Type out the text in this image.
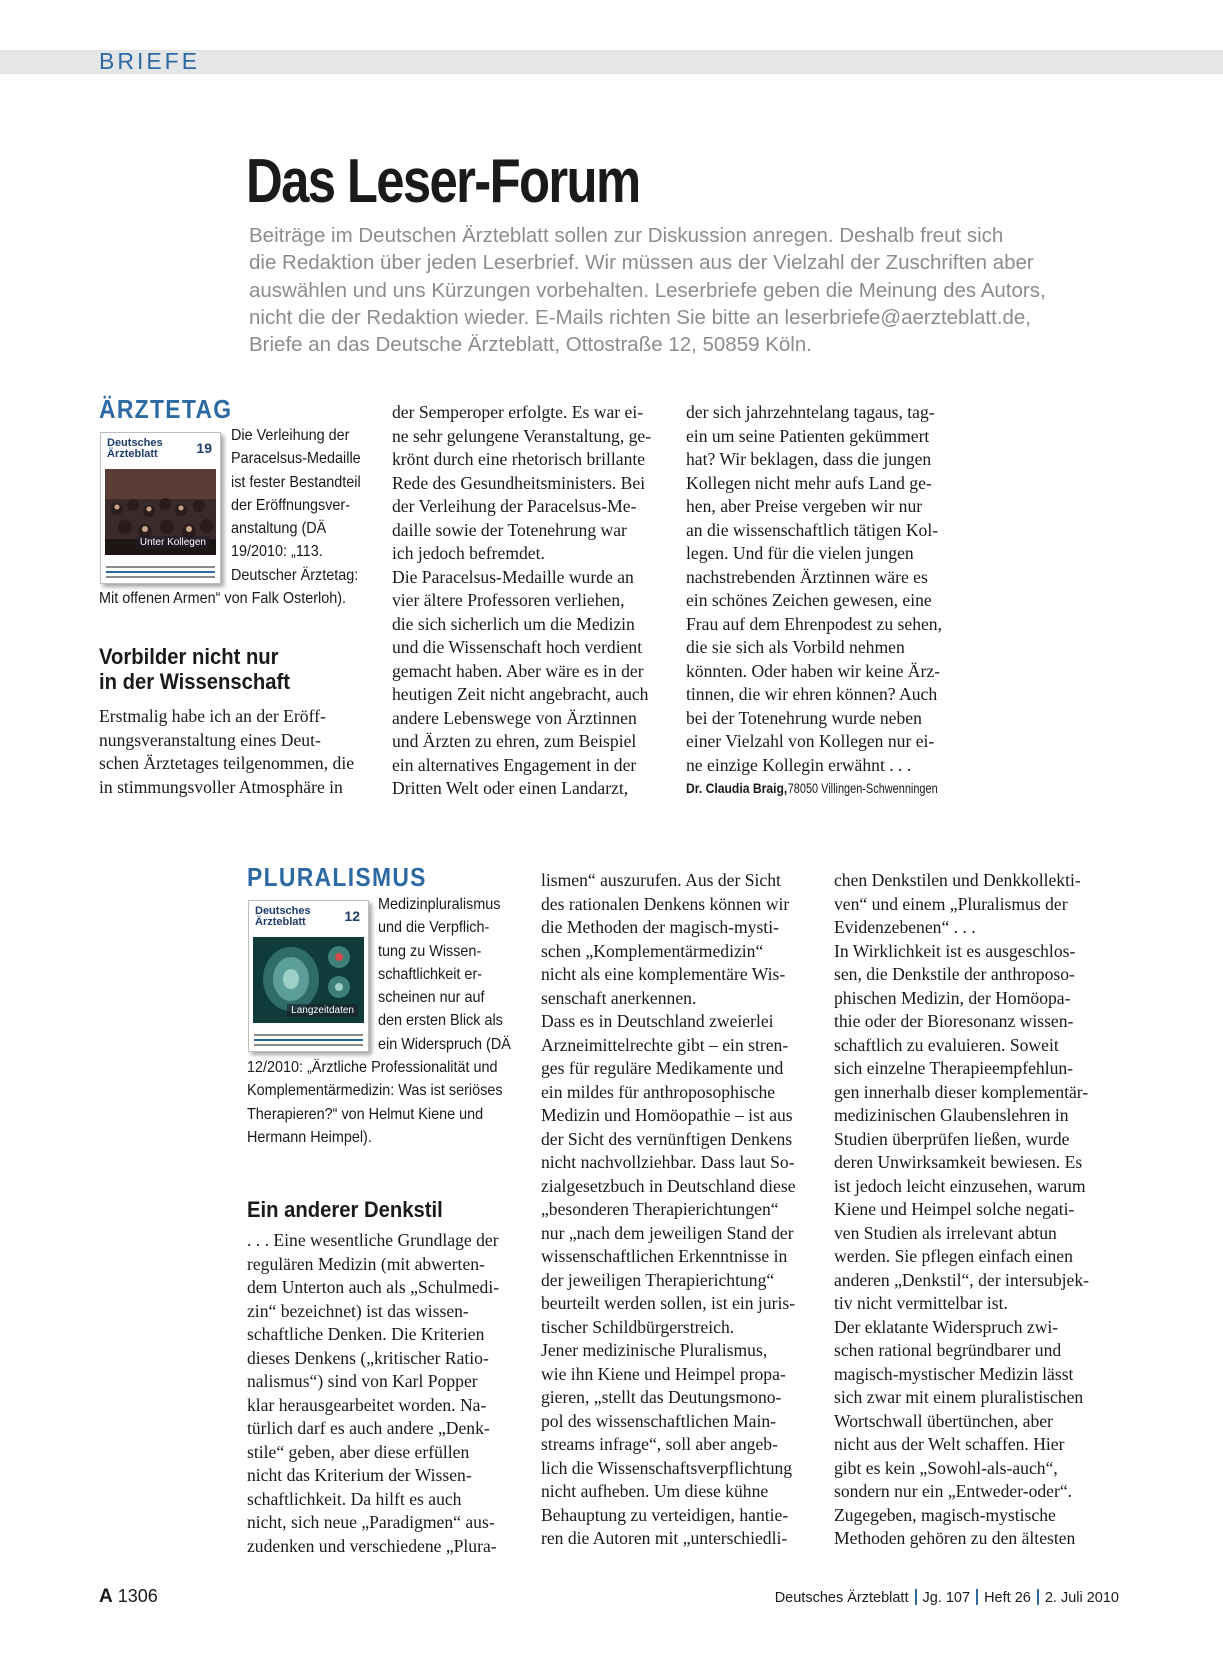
BRIEFE
Das Leser-Forum
Beiträge im Deutschen Ärzteblatt sollen zur Diskussion anregen. Deshalb freut sich
die Redaktion über jeden Leserbrief. Wir müssen aus der Vielzahl der Zuschriften aber
auswählen und uns Kürzungen vorbehalten. Leserbriefe geben die Meinung des Autors,
nicht die der Redaktion wieder. E-Mails richten Sie bitte an leserbriefe@aerzteblatt.de,
Briefe an das Deutsche Ärzteblatt, Ottostraße 12, 50859 Köln.
ÄRZTETAG
Deutsches Ärzteblatt	19
Unter Kollegen
Die Verleihung der
Paracelsus-Medaille
ist fester Bestandteil
der Eröffnungsver-
anstaltung (DÄ
19/2010: „113.
Deutscher Ärztetag:
Mit offenen Armen“ von Falk Osterloh).
Vorbilder nicht nur
in der Wissenschaft
Erstmalig habe ich an der Eröff-
nungsveranstaltung eines Deut-
schen Ärztetages teilgenommen, die
in stimmungsvoller Atmosphäre in
der Semperoper erfolgte. Es war ei-
ne sehr gelungene Veranstaltung, ge-
krönt durch eine rhetorisch brillante
Rede des Gesundheitsministers. Bei
der Verleihung der Paracelsus-Me-
daille sowie der Totenehrung war
ich jedoch befremdet.
Die Paracelsus-Medaille wurde an
vier ältere Professoren verliehen,
die sich sicherlich um die Medizin
und die Wissenschaft hoch verdient
gemacht haben. Aber wäre es in der
heutigen Zeit nicht angebracht, auch
andere Lebenswege von Ärztinnen
und Ärzten zu ehren, zum Beispiel
ein alternatives Engagement in der
Dritten Welt oder einen Landarzt,
der sich jahrzehntelang tagaus, tag-
ein um seine Patienten gekümmert
hat? Wir beklagen, dass die jungen
Kollegen nicht mehr aufs Land ge-
hen, aber Preise vergeben wir nur
an die wissenschaftlich tätigen Kol-
legen. Und für die vielen jungen
nachstrebenden Ärztinnen wäre es
ein schönes Zeichen gewesen, eine
Frau auf dem Ehrenpodest zu sehen,
die sie sich als Vorbild nehmen
könnten. Oder haben wir keine Ärz-
tinnen, die wir ehren können? Auch
bei der Totenehrung wurde neben
einer Vielzahl von Kollegen nur ei-
ne einzige Kollegin erwähnt . . .
Dr. Claudia Braig,78050 Villingen-Schwenningen
PLURALISMUS
Deutsches Ärzteblatt	12
Langzeitdaten
Medizinpluralismus
und die Verpflich-
tung zu Wissen-
schaftlichkeit er-
scheinen nur auf
den ersten Blick als
ein Widerspruch (DÄ
12/2010: „Ärztliche Professionalität und
Komplementärmedizin: Was ist seriöses
Therapieren?“ von Helmut Kiene und
Hermann Heimpel).
Ein anderer Denkstil
. . . Eine wesentliche Grundlage der
regulären Medizin (mit abwerten-
dem Unterton auch als „Schulmedi-
zin“ bezeichnet) ist das wissen-
schaftliche Denken. Die Kriterien
dieses Denkens („kritischer Ratio-
nalismus“) sind von Karl Popper
klar herausgearbeitet worden. Na-
türlich darf es auch andere „Denk-
stile“ geben, aber diese erfüllen
nicht das Kriterium der Wissen-
schaftlichkeit. Da hilft es auch
nicht, sich neue „Paradigmen“ aus-
zudenken und verschiedene „Plura-
lismen“ auszurufen. Aus der Sicht
des rationalen Denkens können wir
die Methoden der magisch-mysti-
schen „Komplementärmedizin“
nicht als eine komplementäre Wis-
senschaft anerkennen.
Dass es in Deutschland zweierlei
Arzneimittelrechte gibt – ein stren-
ges für reguläre Medikamente und
ein mildes für anthroposophische
Medizin und Homöopathie – ist aus
der Sicht des vernünftigen Denkens
nicht nachvollziehbar. Dass laut So-
zialgesetzbuch in Deutschland diese
„besonderen Therapierichtungen“
nur „nach dem jeweiligen Stand der
wissenschaftlichen Erkenntnisse in
der jeweiligen Therapierichtung“
beurteilt werden sollen, ist ein juris-
tischer Schildbürgerstreich.
Jener medizinische Pluralismus,
wie ihn Kiene und Heimpel propa-
gieren, „stellt das Deutungsmono-
pol des wissenschaftlichen Main-
streams infrage“, soll aber angeb-
lich die Wissenschaftsverpflichtung
nicht aufheben. Um diese kühne
Behauptung zu verteidigen, hantie-
ren die Autoren mit „unterschiedli-
chen Denkstilen und Denkkollekti-
ven“ und einem „Pluralismus der
Evidenzebenen“ . . .
In Wirklichkeit ist es ausgeschlos-
sen, die Denkstile der anthroposo-
phischen Medizin, der Homöopa-
thie oder der Bioresonanz wissen-
schaftlich zu evaluieren. Soweit
sich einzelne Therapieempfehlun-
gen innerhalb dieser komplementär-
medizinischen Glaubenslehren in
Studien überprüfen ließen, wurde
deren Unwirksamkeit bewiesen. Es
ist jedoch leicht einzusehen, warum
Kiene und Heimpel solche negati-
ven Studien als irrelevant abtun
werden. Sie pflegen einfach einen
anderen „Denkstil“, der intersubjek-
tiv nicht vermittelbar ist.
Der eklatante Widerspruch zwi-
schen rational begründbarer und
magisch-mystischer Medizin lässt
sich zwar mit einem pluralistischen
Wortschwall übertünchen, aber
nicht aus der Welt schaffen. Hier
gibt es kein „Sowohl-als-auch“,
sondern nur ein „Entweder-oder“.
Zugegeben, magisch-mystische
Methoden gehören zu den ältesten
A 1306	Deutsches Ärzteblatt Jg. 107 Heft 26 2. Juli 2010
